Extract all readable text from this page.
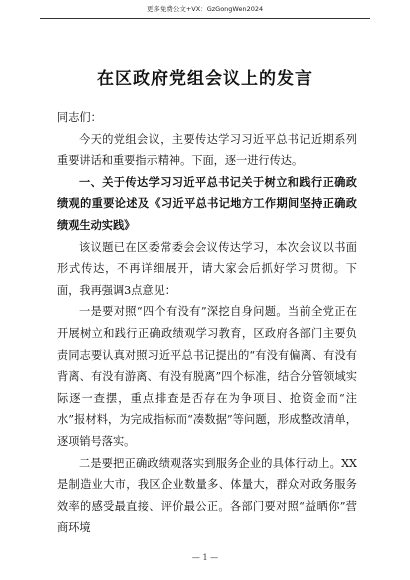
更多免费公文+VX：GzGongWen2024
在区政府党组会议上的发言

同志们：

今天的党组会议，主要传达学习习近平总书记近期系列重要讲话和重要指示精神。下面，逐一进行传达。

一、关于传达学习习近平总书记关于树立和践行正确政绩观的重要论述及《习近平总书记地方工作期间坚持正确政绩观生动实践》

该议题已在区委常委会会议传达学习，本次会议以书面形式传达，不再详细展开，请大家会后抓好学习贯彻。下面，我再强调3点意见：

一是要对照“四个有没有”深挖自身问题。当前全党正在开展树立和践行正确政绩观学习教育，区政府各部门主要负责同志要认真对照习近平总书记提出的“有没有偏离、有没有背离、有没有游离、有没有脱离”四个标准，结合分管领域实际逐一查摆，重点排查是否存在为争项目、抢资金而“注水”报材料，为完成指标而“凑数据”等问题，形成整改清单，逐项销号落实。

二是要把正确政绩观落实到服务企业的具体行动上。XX是制造业大市，我区企业数量多、体量大，群众对政务服务效率的感受最直接、评价最公正。各部门要对照“益晒你”营商环境

— 1 —
